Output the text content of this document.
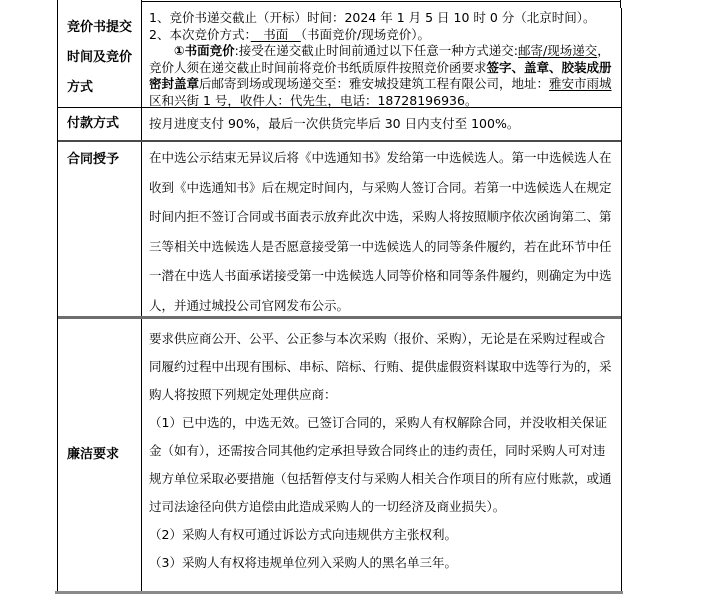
竞价书提交时间及竞价方式

1、竞价书递交截止（开标）时间：2024 年 1 月 5 日 10 时 0 分（北京时间）。

2、本次竞价方式：　书面　（书面竞价/现场竞价）。

①书面竞价:接受在递交截止时间前通过以下任意一种方式递交:邮寄/现场递交，竞价人须在递交截止时间前将竞价书纸质原件按照竞价函要求签字、盖章、胶装成册密封盖章后邮寄到场或现场递交至：雅安城投建筑工程有限公司，地址：雅安市雨城区和兴街 1 号，收件人：代先生，电话：18728196936。

付款方式	按月进度支付 90%，最后一次供货完毕后 30 日内支付至 100%。

合同授予	在中选公示结束无异议后将《中选通知书》发给第一中选候选人。第一中选候选人在收到《中选通知书》后在规定时间内，与采购人签订合同。若第一中选候选人在规定时间内拒不签订合同或书面表示放弃此次中选，采购人将按照顺序依次函询第二、第三等相关中选候选人是否愿意接受第一中选候选人的同等条件履约，若在此环节中任一潜在中选人书面承诺接受第一中选候选人同等价格和同等条件履约，则确定为中选人，并通过城投公司官网发布公示。

廉洁要求

要求供应商公开、公平、公正参与本次采购（报价、采购），无论是在采购过程或合同履约过程中出现有围标、串标、陪标、行贿、提供虚假资料谋取中选等行为的，采购人将按照下列规定处理供应商：

（1）已中选的，中选无效。已签订合同的，采购人有权解除合同，并没收相关保证金（如有），还需按合同其他约定承担导致合同终止的违约责任，同时采购人可对违规方单位采取必要措施（包括暂停支付与采购人相关合作项目的所有应付账款，或通过司法途径向供方追偿由此造成采购人的一切经济及商业损失）。

（2）采购人有权可通过诉讼方式向违规供方主张权利。

（3）采购人有权将违规单位列入采购人的黑名单三年。
